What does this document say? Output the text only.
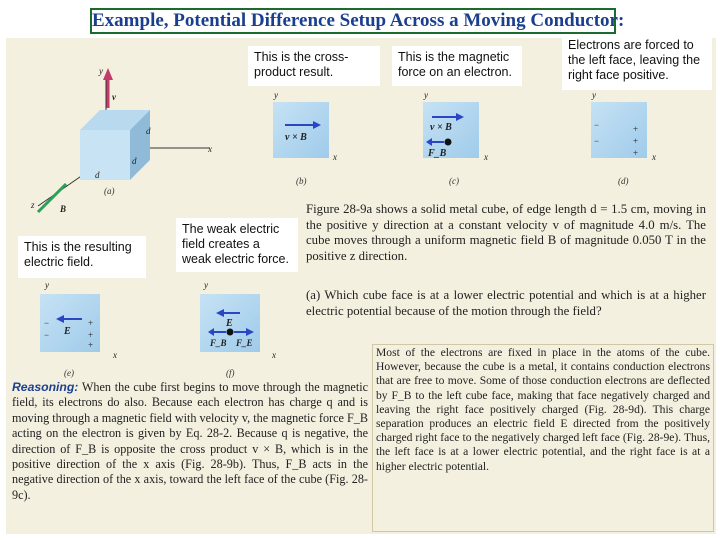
Example, Potential Difference Setup Across a Moving Conductor:
y
v
d
d
d
x
z	B
(a)
y
v × B
x
(b)
y
v × B
F_B	x
(c)
y
−
−
+
+
+ x
(d)
y
E
−
−
+
+
+
x
(e)
y
E
F_B F_E
x
(f)
This is the cross-product result.
This is the magnetic force on an electron.
Electrons are forced to the left face, leaving the right face positive.
The weak electric field creates a weak electric force.
This is the resulting electric field.
Figure 28-9a shows a solid metal cube, of edge length d = 1.5 cm, moving in the positive y direction at a constant velocity v of magnitude 4.0 m/s. The cube moves through a uniform magnetic field B of magnitude 0.050 T in the positive z direction.
(a) Which cube face is at a lower electric potential and which is at a higher electric potential because of the motion through the field?
Reasoning: When the cube first begins to move through the magnetic field, its electrons do also. Because each electron has charge q and is moving through a magnetic field with velocity v, the magnetic force F_B acting on the electron is given by Eq. 28-2. Because q is negative, the direction of F_B is opposite the cross product v × B, which is in the positive direction of the x axis (Fig. 28-9b). Thus, F_B acts in the negative direction of the x axis, toward the left face of the cube (Fig. 28-9c).
Most of the electrons are fixed in place in the atoms of the cube. However, because the cube is a metal, it contains conduction electrons that are free to move. Some of those conduction electrons are deflected by F_B to the left cube face, making that face negatively charged and leaving the right face positively charged (Fig. 28-9d). This charge separation produces an electric field E directed from the positively charged right face to the negatively charged left face (Fig. 28-9e). Thus, the left face is at a lower electric potential, and the right face is at a higher electric potential.
